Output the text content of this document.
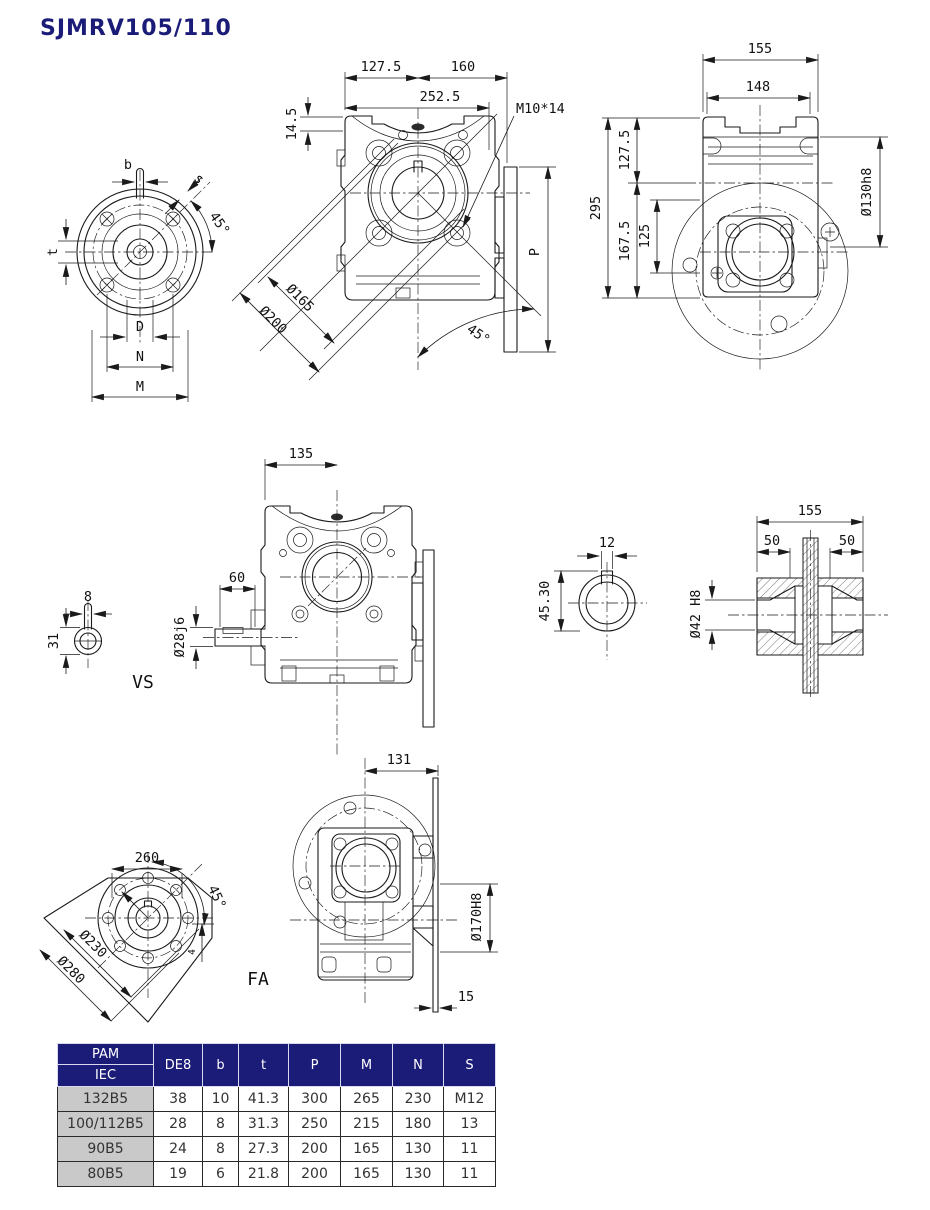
SJMRV105/110
b
s
45°
t
D
N
M
127.5	160
252.5
14.5	M10*14
Ø165
Ø200	45°
P
155
148
295
127.5
167.5 125
Ø130h8
8
31
VS
135
60
Ø28j6
12
45.30
155
50	50
Ø42 H8
45°
260
Ø230
Ø280
4
131
Ø170H8
15
FA
PAM	DE8	b	t	P	M	N	S
IEC							
132B5	38	10	41.3	300	265	230	M12
100/112B5	28	8	31.3	250	215	180	13
90B5	24	8	27.3	200	165	130	11
80B5	19	6	21.8	200	165	130	11
